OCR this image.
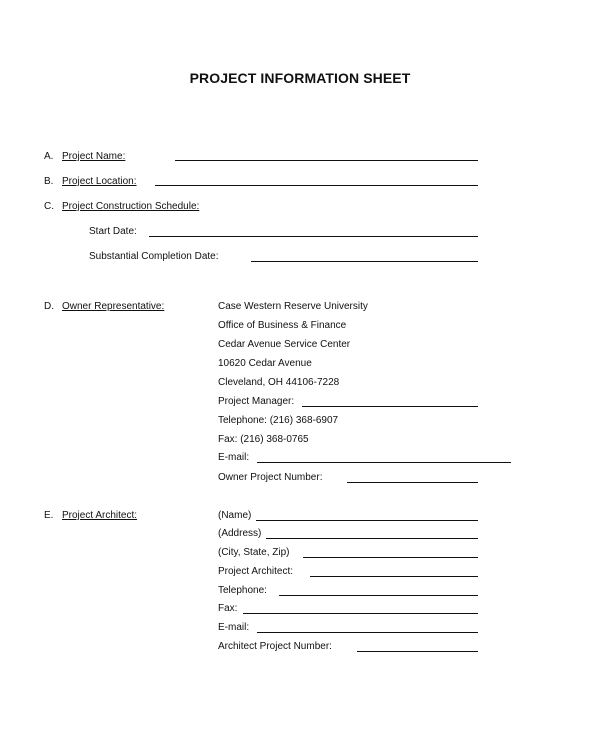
PROJECT INFORMATION SHEET
A. Project Name:
B. Project Location:
C. Project Construction Schedule:
Start Date:
Substantial Completion Date:
D. Owner Representative:	Case Western Reserve University
Office of Business & Finance
Cedar Avenue Service Center
10620 Cedar Avenue
Cleveland, OH 44106-7228
Project Manager:
Telephone: (216) 368-6907
Fax: (216) 368-0765
E-mail:
Owner Project Number:
E. Project Architect:	(Name)
(Address)
(City, State, Zip)
Project Architect:
Telephone:
Fax:
E-mail:
Architect Project Number:
